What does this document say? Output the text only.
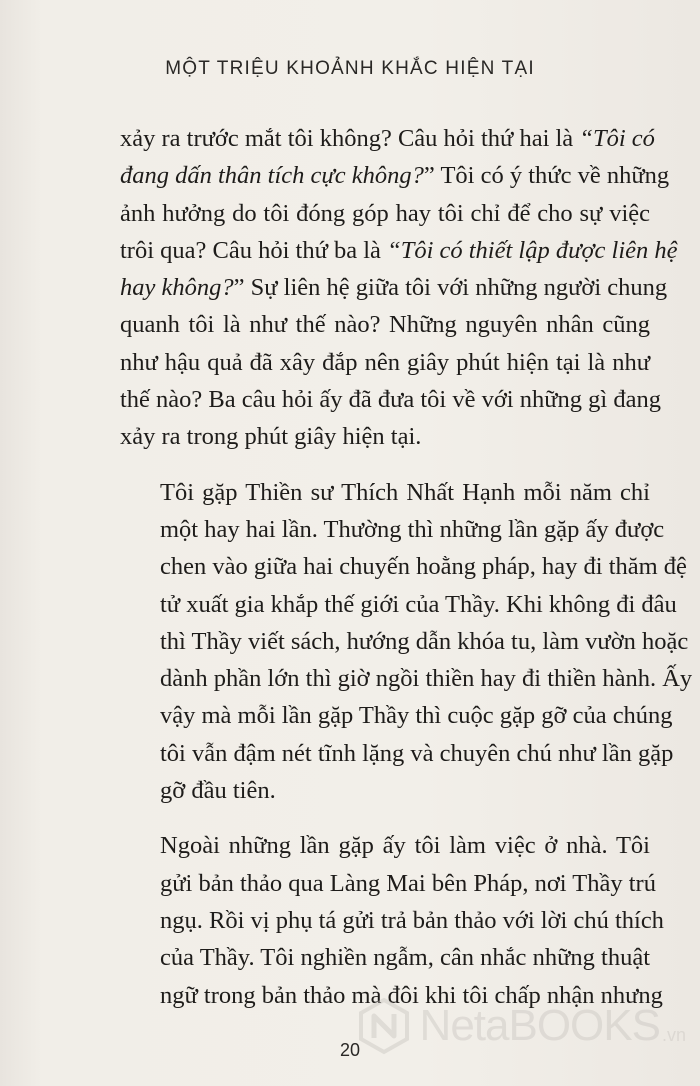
MỘT TRIỆU KHOẢNH KHẮC HIỆN TẠI

xảy ra trước mắt tôi không? Câu hỏi thứ hai là “Tôi có
đang dấn thân tích cực không?” Tôi có ý thức về những
ảnh hưởng do tôi đóng góp hay tôi chỉ để cho sự việc
trôi qua? Câu hỏi thứ ba là “Tôi có thiết lập được liên hệ
hay không?” Sự liên hệ giữa tôi với những người chung
quanh tôi là như thế nào? Những nguyên nhân cũng
như hậu quả đã xây đắp nên giây phút hiện tại là như
thế nào? Ba câu hỏi ấy đã đưa tôi về với những gì đang
xảy ra trong phút giây hiện tại.

Tôi gặp Thiền sư Thích Nhất Hạnh mỗi năm chỉ
một hay hai lần. Thường thì những lần gặp ấy được
chen vào giữa hai chuyến hoằng pháp, hay đi thăm đệ
tử xuất gia khắp thế giới của Thầy. Khi không đi đâu
thì Thầy viết sách, hướng dẫn khóa tu, làm vườn hoặc
dành phần lớn thì giờ ngồi thiền hay đi thiền hành. Ấy
vậy mà mỗi lần gặp Thầy thì cuộc gặp gỡ của chúng
tôi vẫn đậm nét tĩnh lặng và chuyên chú như lần gặp
gỡ đầu tiên.

Ngoài những lần gặp ấy tôi làm việc ở nhà. Tôi
gửi bản thảo qua Làng Mai bên Pháp, nơi Thầy trú
ngụ. Rồi vị phụ tá gửi trả bản thảo với lời chú thích
của Thầy. Tôi nghiền ngẫm, cân nhắc những thuật
ngữ trong bản thảo mà đôi khi tôi chấp nhận nhưng

20	NetaBOOKS .vn
